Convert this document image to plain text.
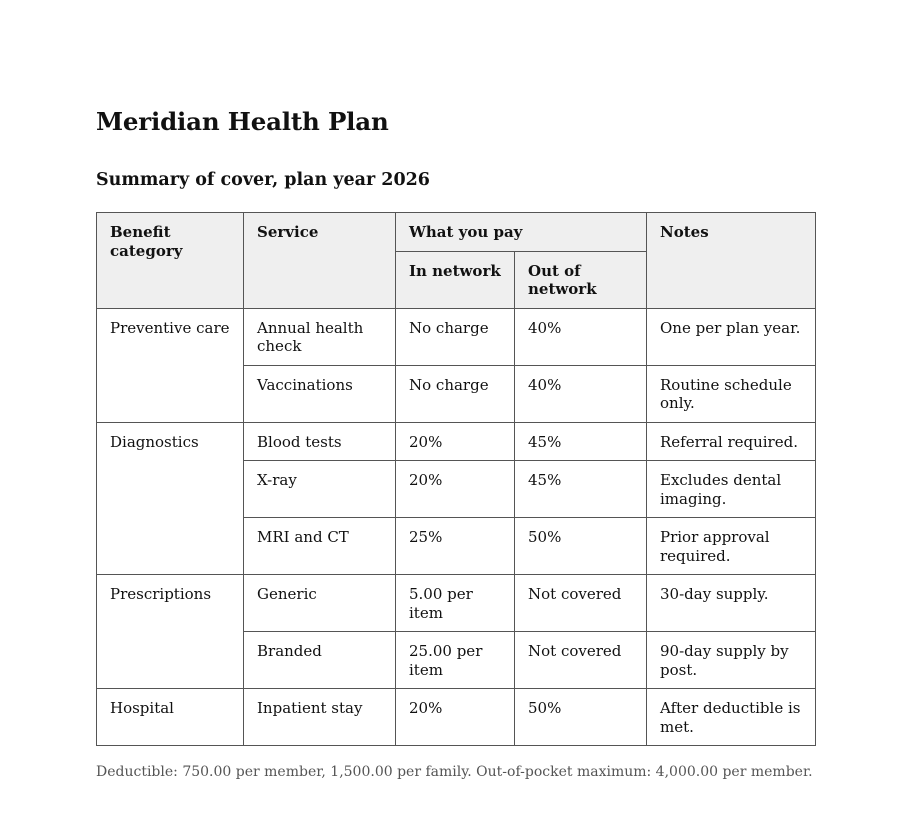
Meridian Health Plan
Summary of cover, plan year 2026
Benefit category	Service	What you pay		Notes
		In network	Out of network	
Preventive care	Annual health check	No charge	40%	One per plan year.
	Vaccinations	No charge	40%	Routine schedule only.
Diagnostics	Blood tests	20%	45%	Referral required.
	X-ray	20%	45%	Excludes dental imaging.
	MRI and CT	25%	50%	Prior approval required.
Prescriptions	Generic	5.00 per item	Not covered	30-day supply.
	Branded	25.00 per item	Not covered	90-day supply by post.
Hospital	Inpatient stay	20%	50%	After deductible is met.

Deductible: 750.00 per member, 1,500.00 per family. Out-of-pocket maximum: 4,000.00 per member.
